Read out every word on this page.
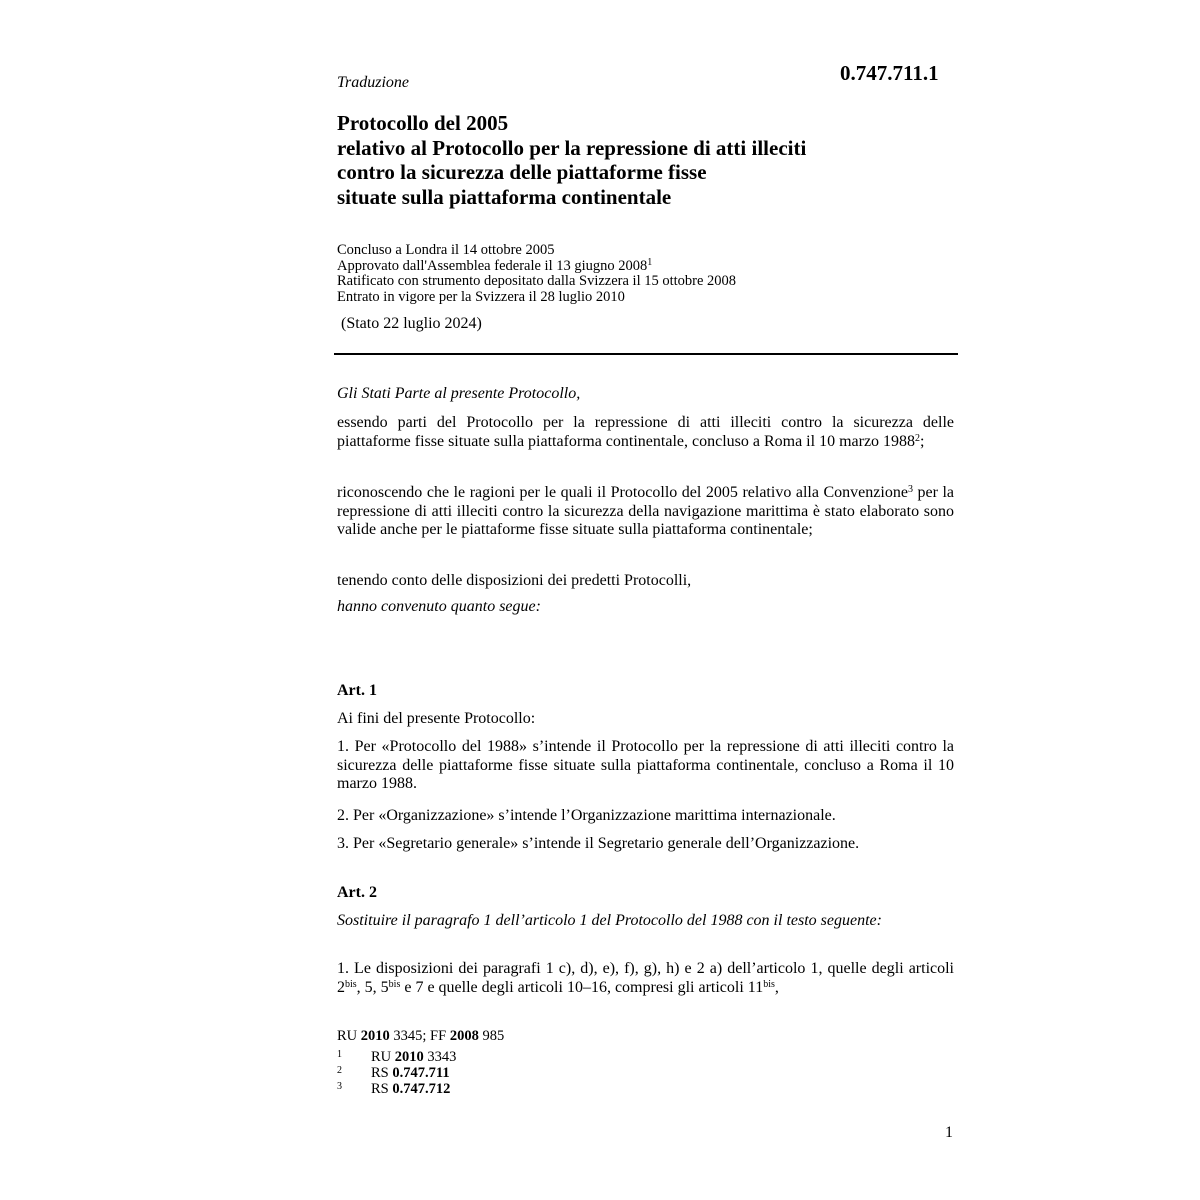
Traduzione	0.747.711.1
Protocollo del 2005
relativo al Protocollo per la repressione di atti illeciti
contro la sicurezza delle piattaforme fisse
situate sulla piattaforma continentale
Concluso a Londra il 14 ottobre 2005
Approvato dall'Assemblea federale il 13 giugno 2008$^1$
Ratificato con strumento depositato dalla Svizzera il 15 ottobre 2008
Entrato in vigore per la Svizzera il 28 luglio 2010
(Stato 22 luglio 2024)
Gli Stati Parte al presente Protocollo,
essendo parti del Protocollo per la repressione di atti illeciti contro la sicurezza delle piattaforme fisse situate sulla piattaforma continentale, concluso a Roma il 10 marzo 1988$^2$;
riconoscendo che le ragioni per le quali il Protocollo del 2005 relativo alla Convenzione$^3$ per la repressione di atti illeciti contro la sicurezza della navigazione marittima è stato elaborato sono valide anche per le piattaforme fisse situate sulla piattaforma continentale;
tenendo conto delle disposizioni dei predetti Protocolli,
hanno convenuto quanto segue:
Art. 1
Ai fini del presente Protocollo:
1. Per «Protocollo del 1988» s’intende il Protocollo per la repressione di atti illeciti contro la sicurezza delle piattaforme fisse situate sulla piattaforma continentale, concluso a Roma il 10 marzo 1988.
2. Per «Organizzazione» s’intende l’Organizzazione marittima internazionale.
3. Per «Segretario generale» s’intende il Segretario generale dell’Organizzazione.
Art. 2
Sostituire il paragrafo 1 dell’articolo 1 del Protocollo del 1988 con il testo seguente:
1. Le disposizioni dei paragrafi 1 c), d), e), f), g), h) e 2 a) dell’articolo 1, quelle degli articoli $2^{bis}$, 5, $5^{bis}$ e 7 e quelle degli articoli 10–16, compresi gli articoli $11^{bis}$,
RU 2010 3345; FF 2008 985
1 RU 2010 3343
2 RS 0.747.711
3 RS 0.747.712
1
